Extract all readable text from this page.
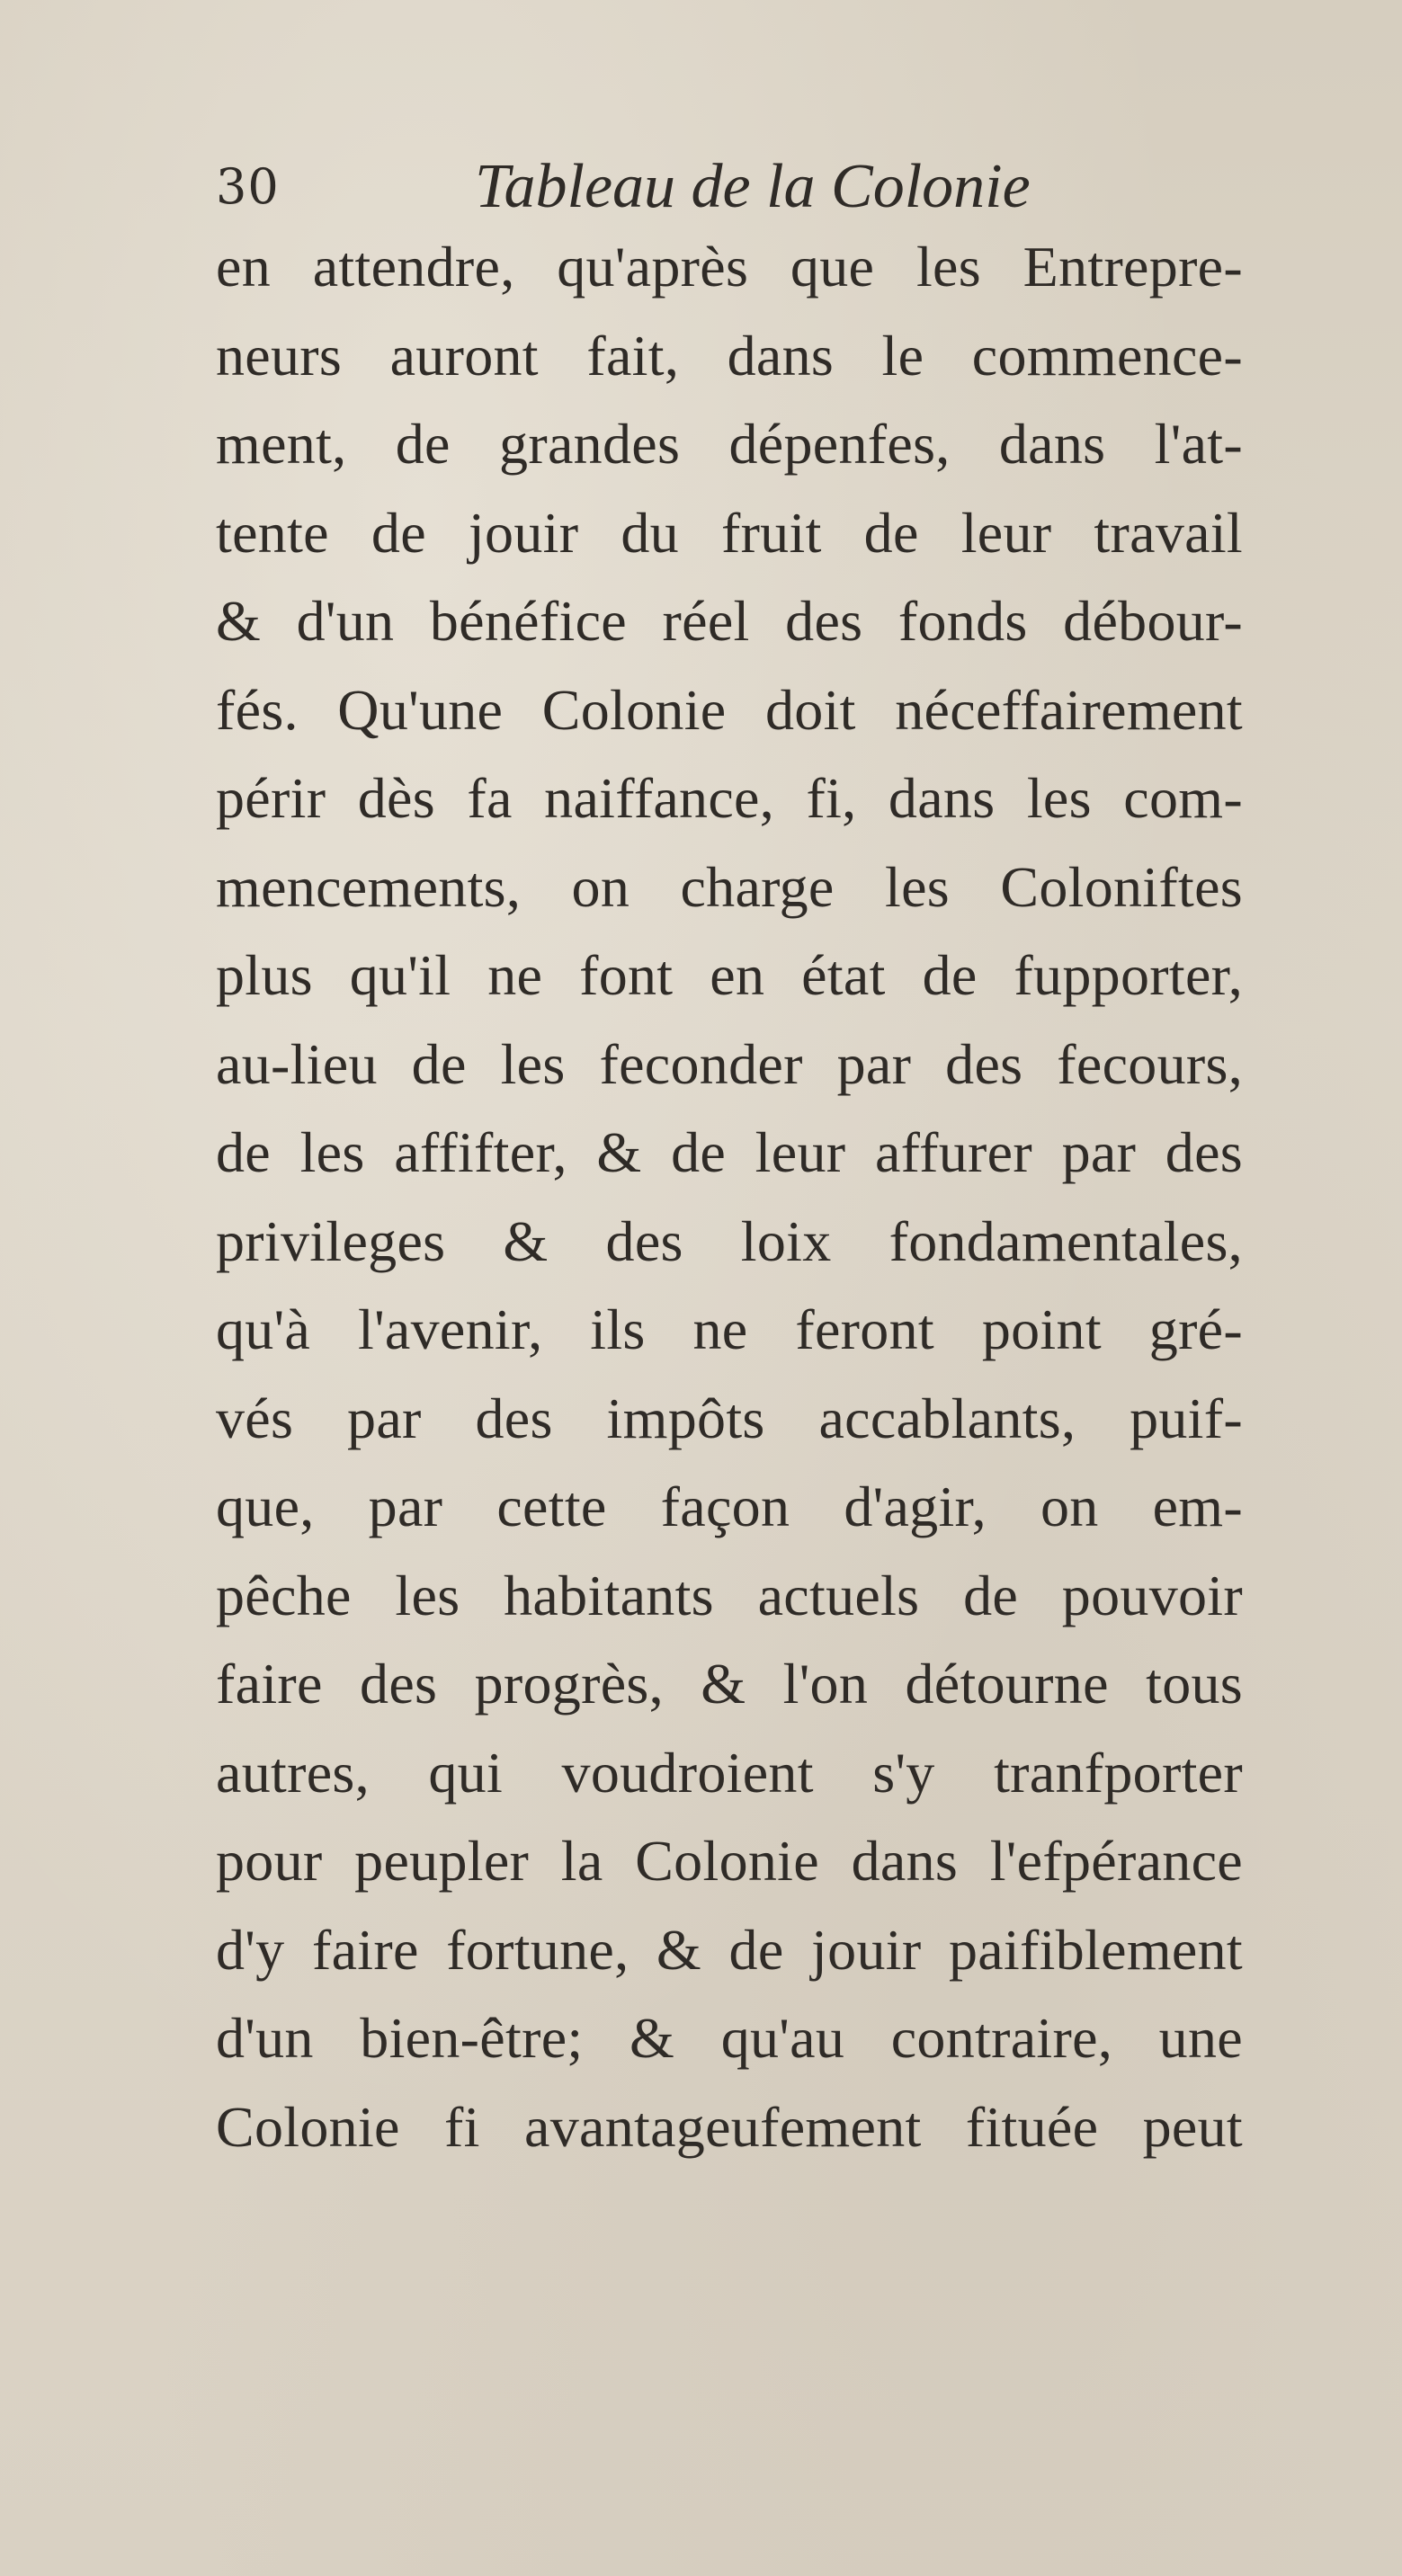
30	Tableau de la Colonie
en attendre, qu'après que les Entrepre-
neurs auront fait, dans le commence-
ment, de grandes dépenfes, dans l'at-
tente de jouir du fruit de leur travail
& d'un bénéfice réel des fonds débour-
fés. Qu'une Colonie doit néceffairement
périr dès fa naiffance, fi, dans les com-
mencements, on charge les Coloniftes
plus qu'il ne font en état de fupporter,
au-lieu de les feconder par des fecours,
de les affifter, & de leur affurer par des
privileges & des loix fondamentales,
qu'à l'avenir, ils ne feront point gré-
vés par des impôts accablants, puif-
que, par cette façon d'agir, on em-
pêche les habitants actuels de pouvoir
faire des progrès, & l'on détourne tous
autres, qui voudroient s'y tranfporter
pour peupler la Colonie dans l'efpérance
d'y faire fortune, & de jouir paifiblement
d'un bien-être; & qu'au contraire, une
Colonie fi avantageufement fituée peut
